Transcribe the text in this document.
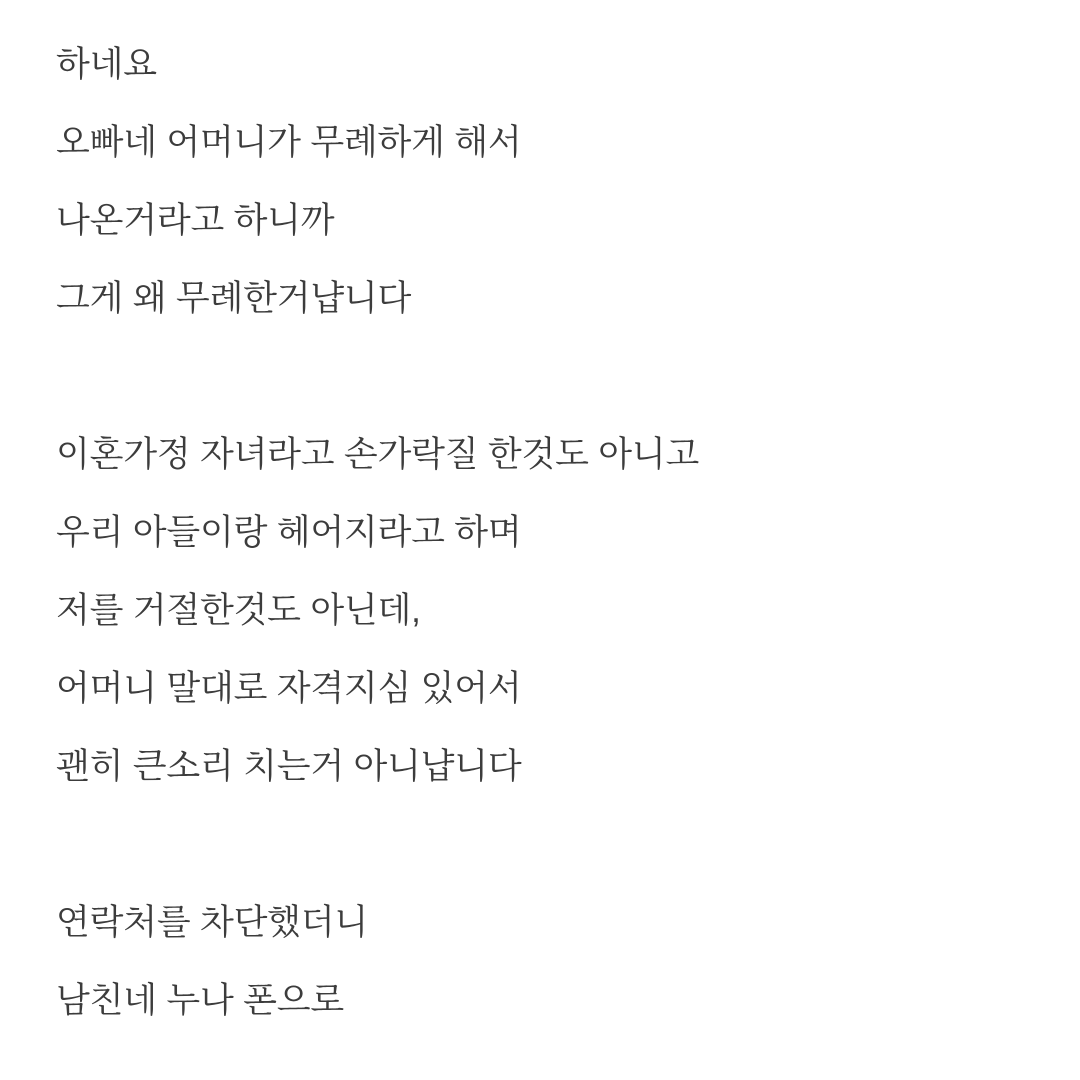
하네요
오빠네 어머니가 무례하게 해서
나온거라고 하니까
그게 왜 무례한거냡니다

이혼가정 자녀라고 손가락질 한것도 아니고
우리 아들이랑 헤어지라고 하며
저를 거절한것도 아닌데,
어머니 말대로 자격지심 있어서
괜히 큰소리 치는거 아니냡니다

연락처를 차단했더니
남친네 누나 폰으로
